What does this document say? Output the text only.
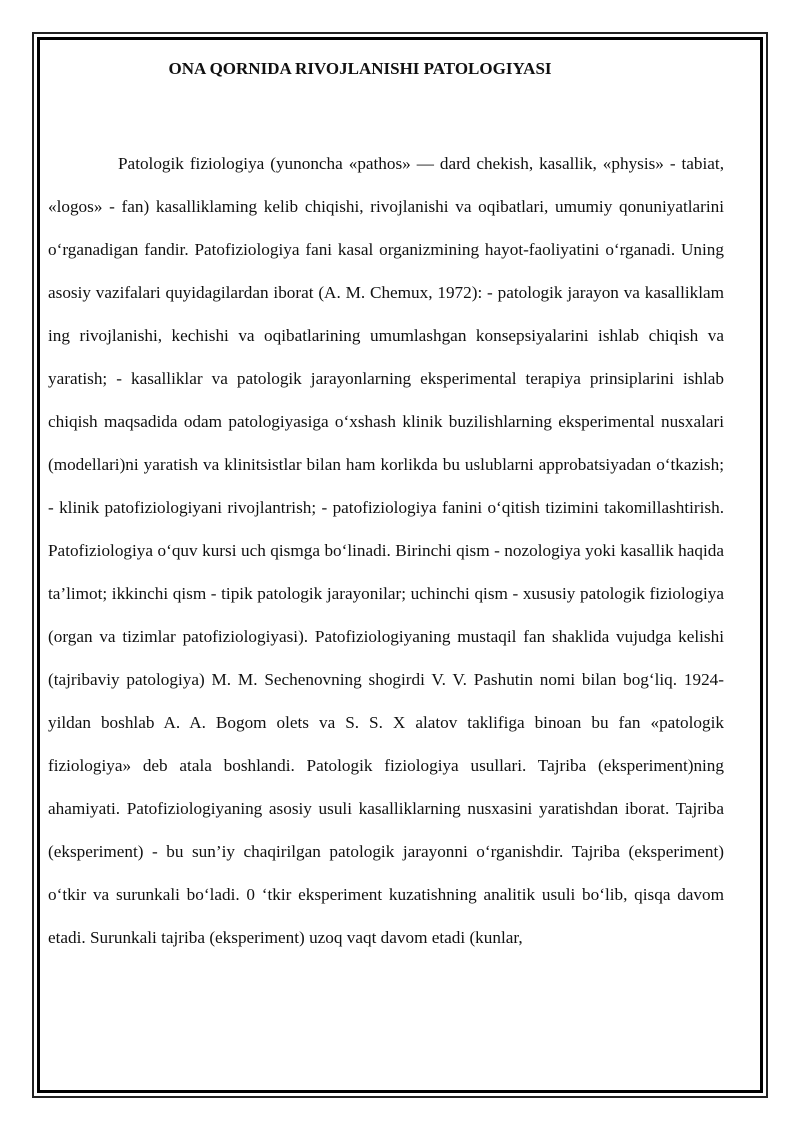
ONA QORNIDA RIVOJLANISHI PATOLOGIYASI

Patologik fiziologiya (yunoncha «pathos» — dard chekish, kasallik, «physis» - tabiat, «logos» - fan) kasalliklaming kelib chiqishi, rivojlanishi va oqibatlari, umumiy qonuniyatlarini o‘rganadigan fandir. Patofiziologiya fani kasal organizmining hayot-faoliyatini o‘rganadi. Uning asosiy vazifalari quyidagilardan iborat (A. M. Chemux, 1972): - patologik jarayon va kasalliklam ing rivojlanishi, kechishi va oqibatlarining umumlashgan konsepsiyalarini ishlab chiqish va yaratish; - kasalliklar va patologik jarayonlarning eksperimental terapiya prinsiplarini ishlab chiqish maqsadida odam patologiyasiga o‘xshash klinik buzilishlarning eksperimental nusxalari (modellari)ni yaratish va klinitsistlar bilan ham korlikda bu uslublarni approbatsiyadan o‘tkazish; - klinik patofiziologiyani rivojlantrish; - patofiziologiya fanini o‘qitish tizimini takomillashtirish. Patofiziologiya o‘quv kursi uch qismga bo‘linadi. Birinchi qism - nozologiya yoki kasallik haqida ta’limot; ikkinchi qism - tipik patologik jarayonilar; uchinchi qism - xususiy patologik fiziologiya (organ va tizimlar patofiziologiyasi). Patofiziologiyaning mustaqil fan shaklida vujudga kelishi (tajribaviy patologiya) M. M. Sechenovning shogirdi V. V. Pashutin nomi bilan bog‘liq. 1924-yildan boshlab A. A. Bogom olets va S. S. X alatov taklifiga binoan bu fan «patologik fiziologiya» deb atala boshlandi. Patologik fiziologiya usullari. Tajriba (eksperiment)ning ahamiyati. Patofiziologiyaning asosiy usuli kasalliklarning nusxasini yaratishdan iborat. Tajriba (eksperiment) - bu sun’iy chaqirilgan patologik jarayonni o‘rganishdir. Tajriba (eksperiment) o‘tkir va surunkali bo‘ladi. 0 ‘tkir eksperiment kuzatishning analitik usuli bo‘lib, qisqa davom etadi. Surunkali tajriba (eksperiment) uzoq vaqt davom etadi (kunlar,
